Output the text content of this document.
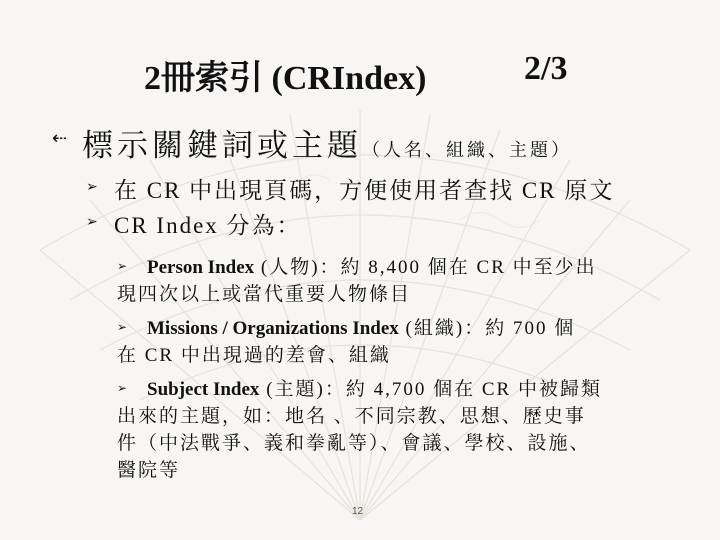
2冊索引 (CRIndex)	2/3
⇠ 標示關鍵詞或主題（人名、組織、主題）
➢ 在 CR 中出現頁碼，方便使用者查找 CR 原文
➢ CR Index 分為：
➢	Person Index (人物)：約 8,400 個在 CR 中至少出
現四次以上或當代重要人物條目
➢	Missions / Organizations Index (組織)：約 700 個
在 CR 中出現過的差會、組織
➢	Subject Index (主題)：約 4,700 個在 CR 中被歸類
出來的主題，如：地名 、不同宗教、思想、歷史事
件（中法戰爭、義和拳亂等）、會議、學校、設施、
醫院等
12
